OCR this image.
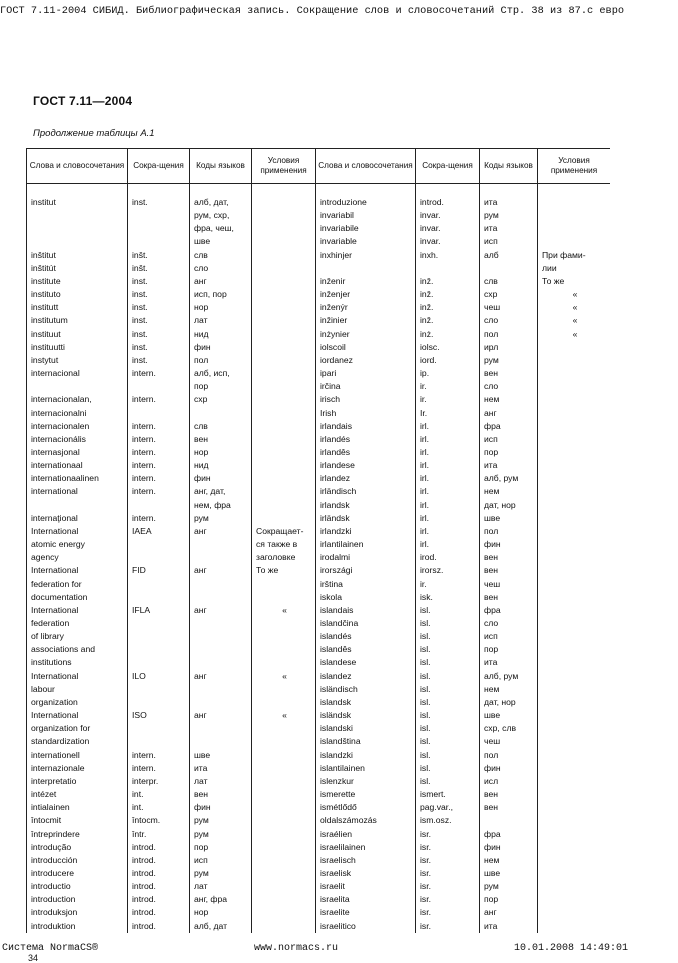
ГОСТ 7.11-2004 СИБИД. Библиографическая запись. Сокращение слов и словосочетаний Стр. 38 из 87.с евро
ГОСТ 7.11—2004
Продолжение таблицы А.1
Слова и словосочетания	Сокра-щения	Коды языков	Условия применения	Слова и словосочетания	Сокра-щения	Коды языков	Условия применения

institut	inst.	алб, дат,		introduzione	introd.	ита	
		рум, схр,		invariabil	invar.	рум	
		фра, чеш,		invariabile	invar.	ита	
		шве		invariable	invar.	исп	
inštitut	inšt.	слв		inxhinjer	inxh.	алб	При фами-
inštitút	inšt.	сло					лии
institute	inst.	анг		inženir	inž.	слв	То же
instituto	inst.	исп, пор		inženjer	inž.	схр	«
institutt	inst.	нор		inženýr	inž.	чеш	«
institutum	inst.	лат		inžinier	inž.	сло	«
instituut	inst.	нид		inżynier	inż.	пол	«
instituutti	inst.	фин		iolscoil	iolsc.	ирл	
instytut	inst.	пол		iordanez	iord.	рум	
internacional	intern.	алб, исп,		ipari	ip.	вен	
		пор		irčina	ir.	сло	
internacionalan,	intern.	схр		irisch	ir.	нем	
internacionalni				Irish	Ir.	анг	
internacionalen	intern.	слв		irlandais	irl.	фра	
internacionális	intern.	вен		irlandés	irl.	исп	
internasjonal	intern.	нор		irlandês	irl.	пор	
internationaal	intern.	нид		irlandese	irl.	ита	
internationaalinen	intern.	фин		irlandez	irl.	алб, рум	
international	intern.	анг, дат,		irländisch	irl.	нем	
		нем, фра		irlandsk	irl.	дат, нор	
internaţional	intern.	рум		irländsk	irl.	шве	
International	IAEA	анг	Сокращает-	irlandzki	irl.	пол	
atomic energy			ся также в	irlantilainen	irl.	фин	
agency			заголовке	irodalmi	irod.	вен	
International	FID	анг	То же	irországi	irorsz.	вен	
federation for				irština	ir.	чеш	
documentation				iskola	isk.	вен	
International	IFLA	анг	«	islandais	isl.	фра	
federation				islandčina	isl.	сло	
of library				islandés	isl.	исп	
associations and				islandês	isl.	пор	
institutions				islandese	isl.	ита	
International	ILO	анг	«	islandez	isl.	алб, рум	
labour				isländisch	isl.	нем	
organization				islandsk	isl.	дат, нор	
International	ISO	анг	«	isländsk	isl.	шве	
organization for				islandski	isl.	схр, слв	
standardization				islandština	isl.	чеш	
internationell	intern.	шве		islandzki	isl.	пол	
internazionale	intern.	ита		islantilainen	isl.	фин	
interpretatio	interpr.	лат		islenzkur	isl.	исл	
intézet	int.	вен		ismerette	ismert.	вен	
intialainen	int.	фин		ismétlődő	pag.var.,	вен	
întocmit	întocm.	рум		oldalszámozás	ism.osz.		
întreprindere	într.	рум		israélien	isr.	фра	
introdução	introd.	пор		israelilainen	isr.	фин	
introducción	introd.	исп		israelisch	isr.	нем	
introducere	introd.	рум		israelisk	isr.	шве	
introductio	introd.	лат		israelit	isr.	рум	
introduction	introd.	анг, фра		israelita	isr.	пор	
introduksjon	introd.	нор		israelite	isr.	анг	
introduktion	introd.	алб, дат		israelitico	isr.	ита	
Система NormaCS®	www.normacs.ru	10.01.2008 14:49:01
34
